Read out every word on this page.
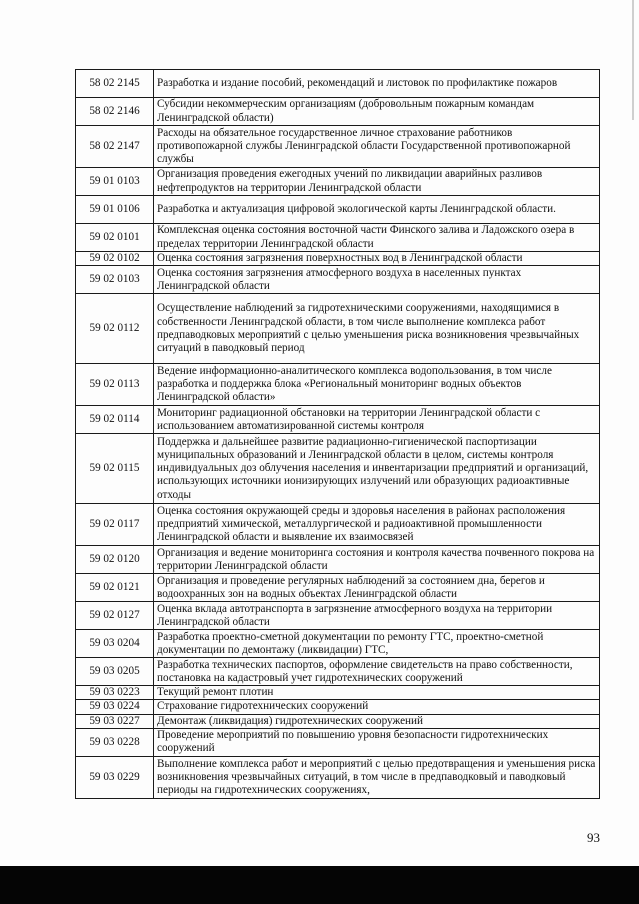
58 02 2145	Разработка и издание пособий, рекомендаций и листовок по профилактике пожаров
58 02 2146	Субсидии некоммерческим организациям (добровольным пожарным командам Ленинградской области)
58 02 2147	Расходы на обязательное государственное личное страхование работников противопожарной службы Ленинградской области Государственной противопожарной службы
59 01 0103	Организация проведения ежегодных учений по ликвидации аварийных разливов нефтепродуктов на территории Ленинградской области
59 01 0106	Разработка и актуализация цифровой экологической карты Ленинградской области.
59 02 0101	Комплексная оценка состояния восточной части Финского залива и Ладожского озера в пределах территории Ленинградской области
59 02 0102	Оценка состояния загрязнения поверхностных вод в Ленинградской области
59 02 0103	Оценка состояния загрязнения атмосферного воздуха в населенных пунктах Ленинградской области
59 02 0112	Осуществление наблюдений за гидротехническими сооружениями, находящимися в собственности Ленинградской области, в том числе выполнение комплекса работ предпаводковых мероприятий с целью уменьшения риска возникновения чрезвычайных ситуаций в паводковый период
59 02 0113	Ведение информационно-аналитического комплекса водопользования, в том числе разработка и поддержка блока «Региональный мониторинг водных объектов Ленинградской области»
59 02 0114	Мониторинг радиационной обстановки на территории Ленинградской области с использованием автоматизированной системы контроля
59 02 0115	Поддержка и дальнейшее развитие радиационно-гигиенической паспортизации муниципальных образований и Ленинградской области в целом, системы контроля индивидуальных доз облучения населения и инвентаризации предприятий и организаций, использующих источники ионизирующих излучений или образующих радиоактивные отходы
59 02 0117	Оценка состояния окружающей среды и здоровья населения в районах расположения предприятий химической, металлургической и радиоактивной промышленности Ленинградской области и выявление их взаимосвязей
59 02 0120	Организация и ведение мониторинга состояния и контроля качества почвенного покрова на территории Ленинградской области
59 02 0121	Организация и проведение регулярных наблюдений за состоянием дна, берегов и водоохранных зон на водных объектах Ленинградской области
59 02 0127	Оценка вклада автотранспорта в загрязнение атмосферного воздуха на территории Ленинградской области
59 03 0204	Разработка проектно-сметной документации по ремонту ГТС, проектно-сметной документации по демонтажу (ликвидации) ГТС,
59 03 0205	Разработка технических паспортов, оформление свидетельств на право собственности, постановка на кадастровый учет гидротехнических сооружений
59 03 0223	Текущий ремонт плотин
59 03 0224	Страхование гидротехнических сооружений
59 03 0227	Демонтаж (ликвидация) гидротехнических сооружений
59 03 0228	Проведение мероприятий по повышению уровня безопасности гидротехнических сооружений
59 03 0229	Выполнение комплекса работ и мероприятий с целью предотвращения и уменьшения риска возникновения чрезвычайных ситуаций, в том числе в предпаводковый и паводковый периоды на гидротехнических сооружениях,
93
